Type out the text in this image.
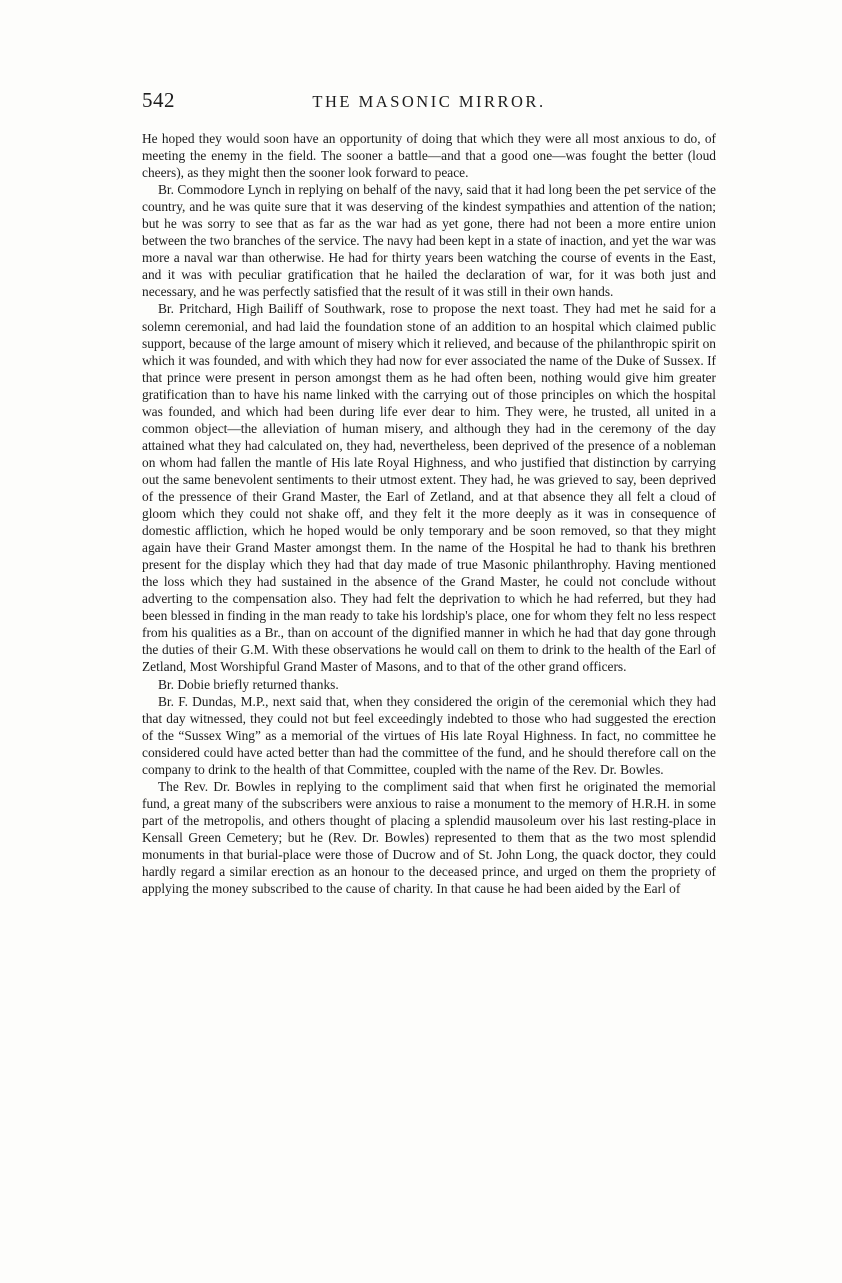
542	THE MASONIC MIRROR.

He hoped they would soon have an opportunity of doing that which they were all most anxious to do, of meeting the enemy in the field. The sooner a battle—and that a good one—was fought the better (loud cheers), as they might then the sooner look forward to peace.

Br. Commodore Lynch in replying on behalf of the navy, said that it had long been the pet service of the country, and he was quite sure that it was deserving of the kindest sympathies and attention of the nation; but he was sorry to see that as far as the war had as yet gone, there had not been a more entire union between the two branches of the service. The navy had been kept in a state of inaction, and yet the war was more a naval war than otherwise. He had for thirty years been watching the course of events in the East, and it was with peculiar gratification that he hailed the declaration of war, for it was both just and necessary, and he was perfectly satisfied that the result of it was still in their own hands.

Br. Pritchard, High Bailiff of Southwark, rose to propose the next toast. They had met he said for a solemn ceremonial, and had laid the foundation stone of an addition to an hospital which claimed public support, because of the large amount of misery which it relieved, and because of the philanthropic spirit on which it was founded, and with which they had now for ever associated the name of the Duke of Sussex. If that prince were present in person amongst them as he had often been, nothing would give him greater gratification than to have his name linked with the carrying out of those principles on which the hospital was founded, and which had been during life ever dear to him. They were, he trusted, all united in a common object—the alleviation of human misery, and although they had in the ceremony of the day attained what they had calculated on, they had, nevertheless, been deprived of the presence of a nobleman on whom had fallen the mantle of His late Royal Highness, and who justified that distinction by carrying out the same benevolent sentiments to their utmost extent. They had, he was grieved to say, been deprived of the pressence of their Grand Master, the Earl of Zetland, and at that absence they all felt a cloud of gloom which they could not shake off, and they felt it the more deeply as it was in consequence of domestic affliction, which he hoped would be only temporary and be soon removed, so that they might again have their Grand Master amongst them. In the name of the Hospital he had to thank his brethren present for the display which they had that day made of true Masonic philanthrophy. Having mentioned the loss which they had sustained in the absence of the Grand Master, he could not conclude without adverting to the compensation also. They had felt the deprivation to which he had referred, but they had been blessed in finding in the man ready to take his lordship's place, one for whom they felt no less respect from his qualities as a Br., than on account of the dignified manner in which he had that day gone through the duties of their G.M. With these observations he would call on them to drink to the health of the Earl of Zetland, Most Worshipful Grand Master of Masons, and to that of the other grand officers.

Br. Dobie briefly returned thanks.

Br. F. Dundas, M.P., next said that, when they considered the origin of the ceremonial which they had that day witnessed, they could not but feel exceedingly indebted to those who had suggested the erection of the “Sussex Wing” as a memorial of the virtues of His late Royal Highness. In fact, no committee he considered could have acted better than had the committee of the fund, and he should therefore call on the company to drink to the health of that Committee, coupled with the name of the Rev. Dr. Bowles.

The Rev. Dr. Bowles in replying to the compliment said that when first he originated the memorial fund, a great many of the subscribers were anxious to raise a monument to the memory of H.R.H. in some part of the metropolis, and others thought of placing a splendid mausoleum over his last resting-place in Kensall Green Cemetery; but he (Rev. Dr. Bowles) represented to them that as the two most splendid monuments in that burial-place were those of Ducrow and of St. John Long, the quack doctor, they could hardly regard a similar erection as an honour to the deceased prince, and urged on them the propriety of applying the money subscribed to the cause of charity. In that cause he had been aided by the Earl of
